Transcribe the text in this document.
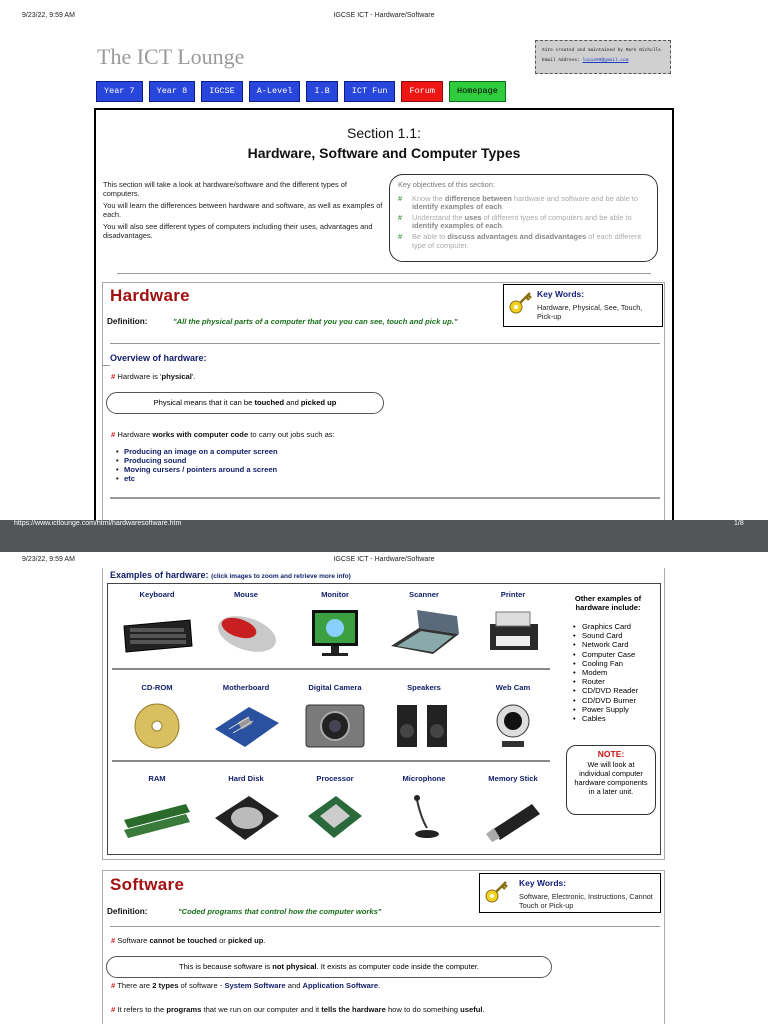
9/23/22, 9:59 AM	IGCSE ICT - Hardware/Software
The ICT Lounge	Site created and maintained by Mark Nicholls
Email Address: louie99@gmail.com
Year 7	Year 8	IGCSE	A-Level	I.B	ICT Fun	Forum	Homepage
Section 1.1:
Hardware, Software and Computer Types

This section will take a look at hardware/software and the different types of computers.

You will learn the differences between hardware and software, as well as examples of each.

You will also see different types of computers including their uses, advantages and disadvantages.

Key objectives of this section:
# Know the difference between hardware and software and be able to identify examples of each.
# Understand the uses of different types of computers and be able to identify examples of each.
# Be able to discuss advantages and disadvantages of each different type of computer.
Hardware	Key Words:
Hardware, Physical, See, Touch, Pick-up
Definition:	"All the physical parts of a computer that you you can see, touch and pick up."
Overview of hardware:
# Hardware is 'physical'.
Physical means that it can be touched and picked up
# Hardware works with computer code to carry out jobs such as:
• Producing an image on a computer screen
• Producing sound
• Moving cursers / pointers around a screen
• etc
https://www.ictlounge.com/html/hardwaresoftware.htm	1/8
9/23/22, 9:59 AM	IGCSE ICT - Hardware/Software
Examples of hardware: (click images to zoom and retrieve more info)
Keyboard	Mouse	Monitor	Scanner	Printer
CD-ROM	Motherboard	Digital Camera	Speakers	Web Cam
RAM	Hard Disk	Processor	Microphone	Memory Stick
Other examples of hardware include:
• Graphics Card
• Sound Card
• Network Card
• Computer Case
• Cooling Fan
• Modem
• Router
• CD/DVD Reader
• CD/DVD Burner
• Power Supply
• Cables
NOTE:
We will look at individual computer hardware components in a later unit.
Software	Key Words:
Software, Electronic, Instructions, Cannot Touch or Pick-up
Definition:	"Coded programs that control how the computer works"
# Software cannot be touched or picked up.
This is because software is not physical. It exists as computer code inside the computer.
# There are 2 types of software - System Software and Application Software.
# It refers to the programs that we run on our computer and it tells the hardware how to do something useful.
